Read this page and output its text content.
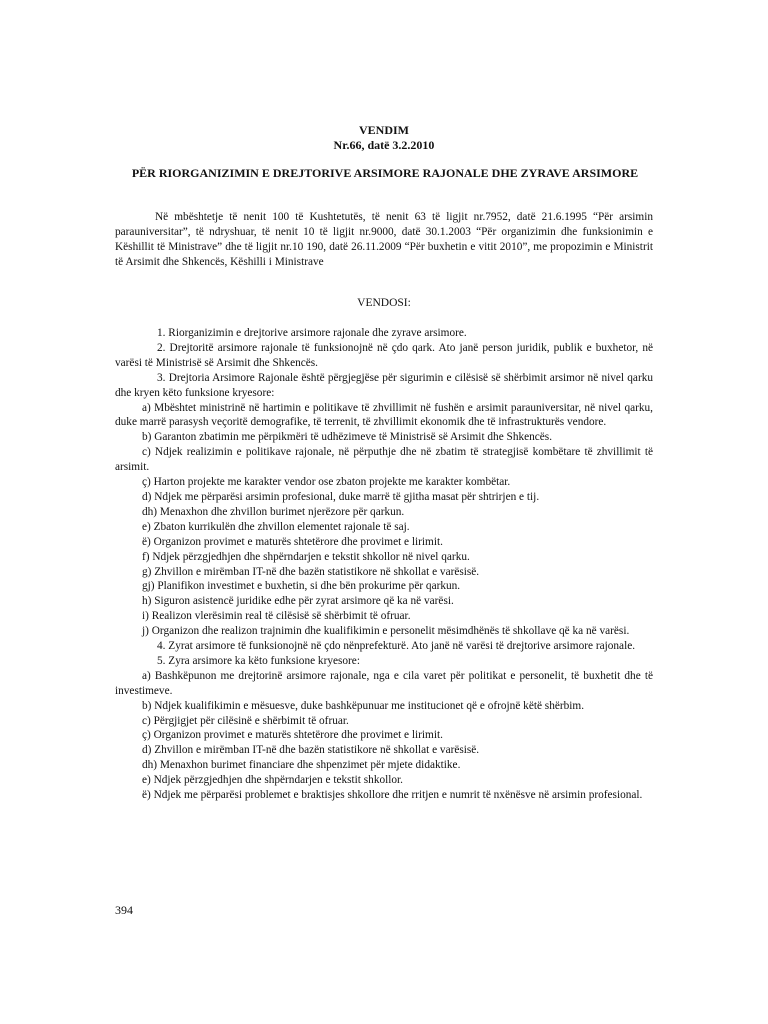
VENDIM
Nr.66, datë 3.2.2010
PËR RIORGANIZIMIN E DREJTORIVE ARSIMORE RAJONALE DHE ZYRAVE ARSIMORE
Në mbështetje të nenit 100 të Kushtetutës, të nenit 63 të ligjit nr.7952, datë 21.6.1995 “Për arsimin parauniversitar”, të ndryshuar, të nenit 10 të ligjit nr.9000, datë 30.1.2003 “Për organizimin dhe funksionimin e Këshillit të Ministrave” dhe të ligjit nr.10 190, datë 26.11.2009 “Për buxhetin e vitit 2010”, me propozimin e Ministrit të Arsimit dhe Shkencës, Këshilli i Ministrave
VENDOSI:
1. Riorganizimin e drejtorive arsimore rajonale dhe zyrave arsimore.
2. Drejtoritë arsimore rajonale të funksionojnë në çdo qark. Ato janë person juridik, publik e buxhetor, në varësi të Ministrisë së Arsimit dhe Shkencës.
3. Drejtoria Arsimore Rajonale është përgjegjëse për sigurimin e cilësisë së shërbimit arsimor në nivel qarku dhe kryen këto funksione kryesore:
a) Mbështet ministrinë në hartimin e politikave të zhvillimit në fushën e arsimit parauniversitar, në nivel qarku, duke marrë parasysh veçoritë demografike, të terrenit, të zhvillimit ekonomik dhe të infrastrukturës vendore.
b) Garanton zbatimin me përpikmëri të udhëzimeve të Ministrisë së Arsimit dhe Shkencës.
c) Ndjek realizimin e politikave rajonale, në përputhje dhe në zbatim të strategjisë kombëtare të zhvillimit të arsimit.
ç) Harton projekte me karakter vendor ose zbaton projekte me karakter kombëtar.
d) Ndjek me përparësi arsimin profesional, duke marrë të gjitha masat për shtrirjen e tij.
dh) Menaxhon dhe zhvillon burimet njerëzore për qarkun.
e) Zbaton kurrikulën dhe zhvillon elementet rajonale të saj.
ë) Organizon provimet e maturës shtetërore dhe provimet e lirimit.
f) Ndjek përzgjedhjen dhe shpërndarjen e tekstit shkollor në nivel qarku.
g) Zhvillon e mirëmban IT-në dhe bazën statistikore në shkollat e varësisë.
gj) Planifikon investimet e buxhetin, si dhe bën prokurime për qarkun.
h) Siguron asistencë juridike edhe për zyrat arsimore që ka në varësi.
i) Realizon vlerësimin real të cilësisë së shërbimit të ofruar.
j) Organizon dhe realizon trajnimin dhe kualifikimin e personelit mësimdhënës të shkollave që ka në varësi.
4. Zyrat arsimore të funksionojnë në çdo nënprefekturë. Ato janë në varësi të drejtorive arsimore rajonale.
5. Zyra arsimore ka këto funksione kryesore:
a) Bashkëpunon me drejtorinë arsimore rajonale, nga e cila varet për politikat e personelit, të buxhetit dhe të investimeve.
b) Ndjek kualifikimin e mësuesve, duke bashkëpunuar me institucionet që e ofrojnë këtë shërbim.
c) Përgjigjet për cilësinë e shërbimit të ofruar.
ç) Organizon provimet e maturës shtetërore dhe provimet e lirimit.
d) Zhvillon e mirëmban IT-në dhe bazën statistikore në shkollat e varësisë.
dh) Menaxhon burimet financiare dhe shpenzimet për mjete didaktike.
e) Ndjek përzgjedhjen dhe shpërndarjen e tekstit shkollor.
ë) Ndjek me përparësi problemet e braktisjes shkollore dhe rritjen e numrit të nxënësve në arsimin profesional.
394
